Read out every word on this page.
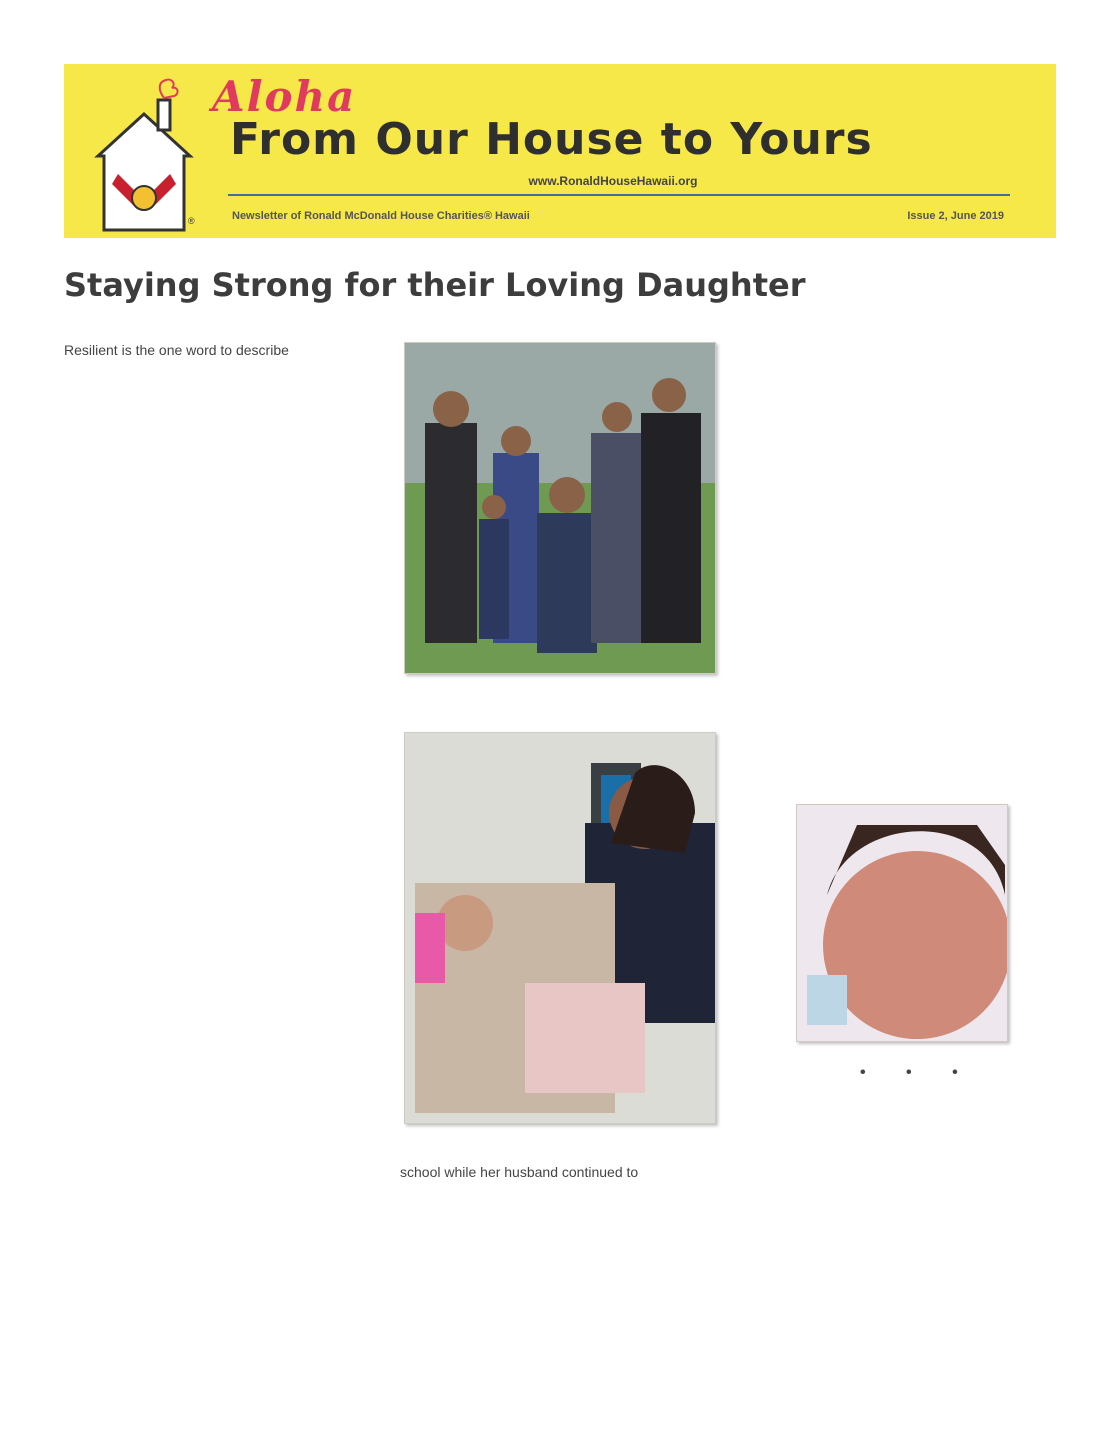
®
Aloha
From Our House to Yours
www.RonaldHouseHawaii.org
Newsletter of Ronald McDonald House Charities® Hawaii	Issue 2, June 2019
Staying Strong for their Loving Daughter

Resilient is the one word to describe

school while her husband continued to

• • •
